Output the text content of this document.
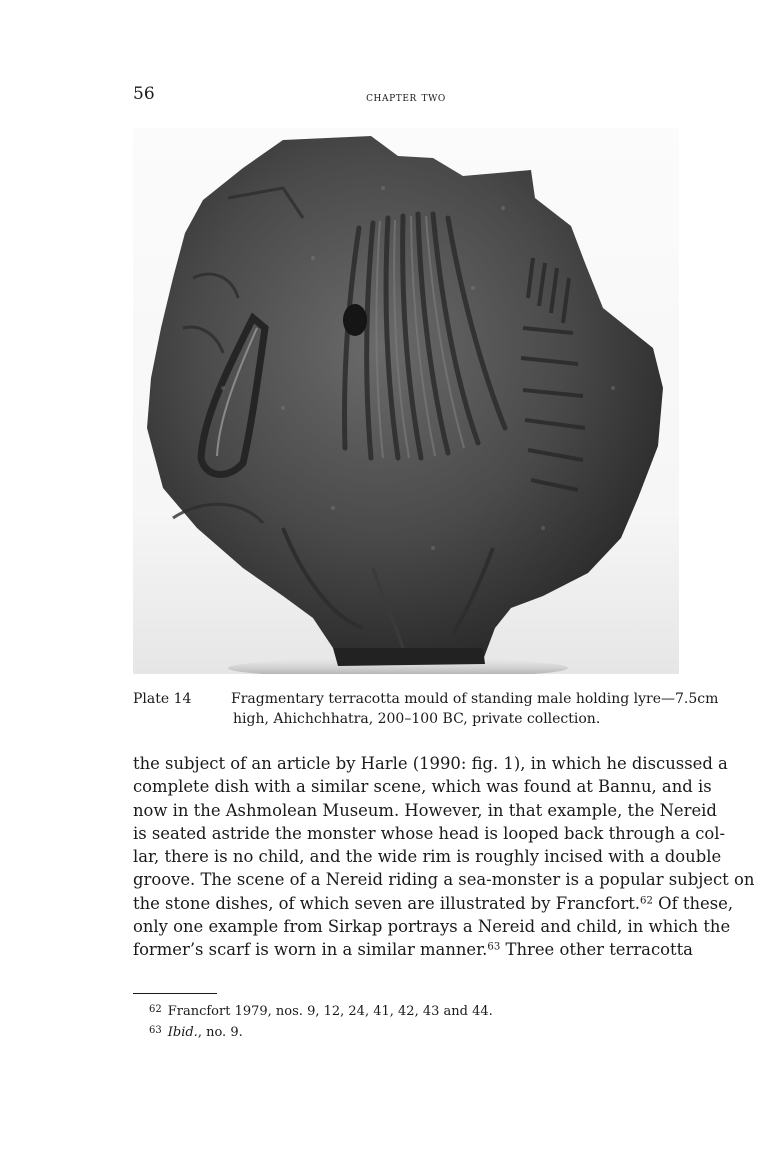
56	chapter two
Plate 14	Fragmentary terracotta mould of standing male holding lyre—7.5cm
high, Ahichchhatra, 200–100 BC, private collection.
the subject of an article by Harle (1990: fig. 1), in which he discussed a
complete dish with a similar scene, which was found at Bannu, and is
now in the Ashmolean Museum. However, in that example, the Nereid
is seated astride the monster whose head is looped back through a col-
lar, there is no child, and the wide rim is roughly incised with a double
groove. The scene of a Nereid riding a sea-monster is a popular subject on
the stone dishes, of which seven are illustrated by Francfort.$^{62}$ Of these,
only one example from Sirkap portrays a Nereid and child, in which the
former’s scarf is worn in a similar manner.$^{63}$ Three other terracotta
$^{62}$ Francfort 1979, nos. 9, 12, 24, 41, 42, 43 and 44.
$^{63}$ Ibid., no. 9.
